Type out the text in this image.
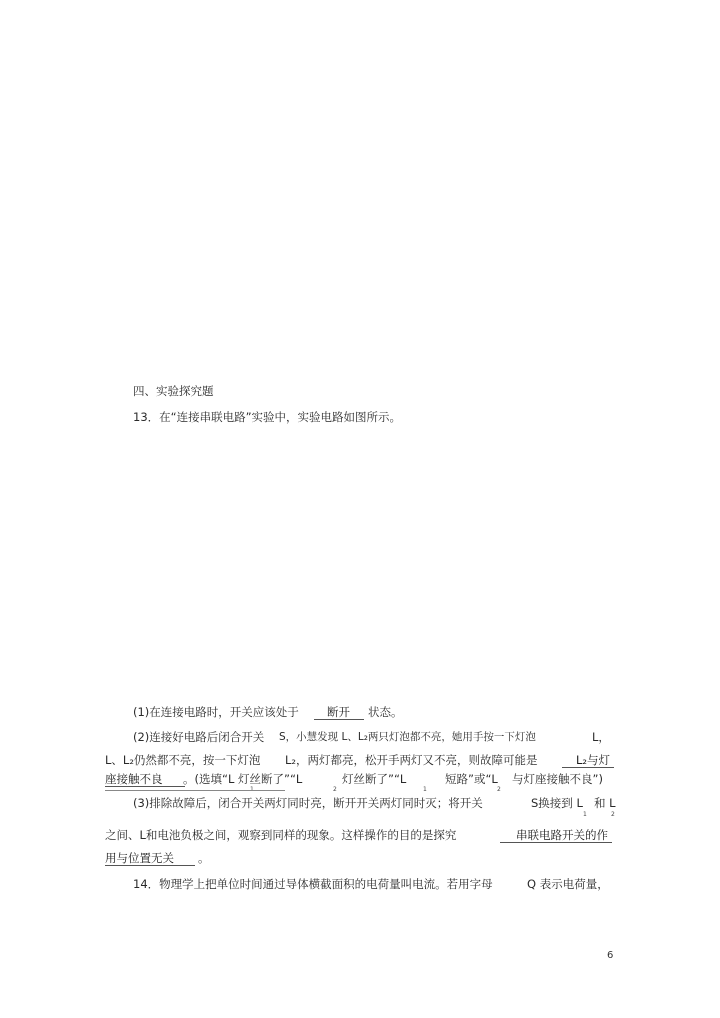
四、实验探究题
13．在“连接串联电路”实验中，实验电路如图所示。
(1)在连接电路时，开关应该处于 断开 状态。
(2)连接好电路后闭合开关 S，小慧发现 L、L₂两只灯泡都不亮，她用手按一下灯泡	L，
L、L₂仍然都不亮，按一下灯泡 L₂，两灯都亮，松开手两灯又不亮，则故障可能是	L₂与灯
座接触不良 。(选填“L 灯丝断了”“L	灯丝断了”“L	短路”或“L 与灯座接触不良”)
2	1	2
(3)排除故障后，闭合开关两灯同时亮，断开开关两灯同时灭；将开关	S换接到 L 和 L
1	2
之间、L和电池负极之间，观察到同样的现象。这样操作的目的是探究	串联电路开关的作
用与位置无关 。
14．物理学上把单位时间通过导体横截面积的电荷量叫电流。若用字母	Q 表示电荷量，
6
